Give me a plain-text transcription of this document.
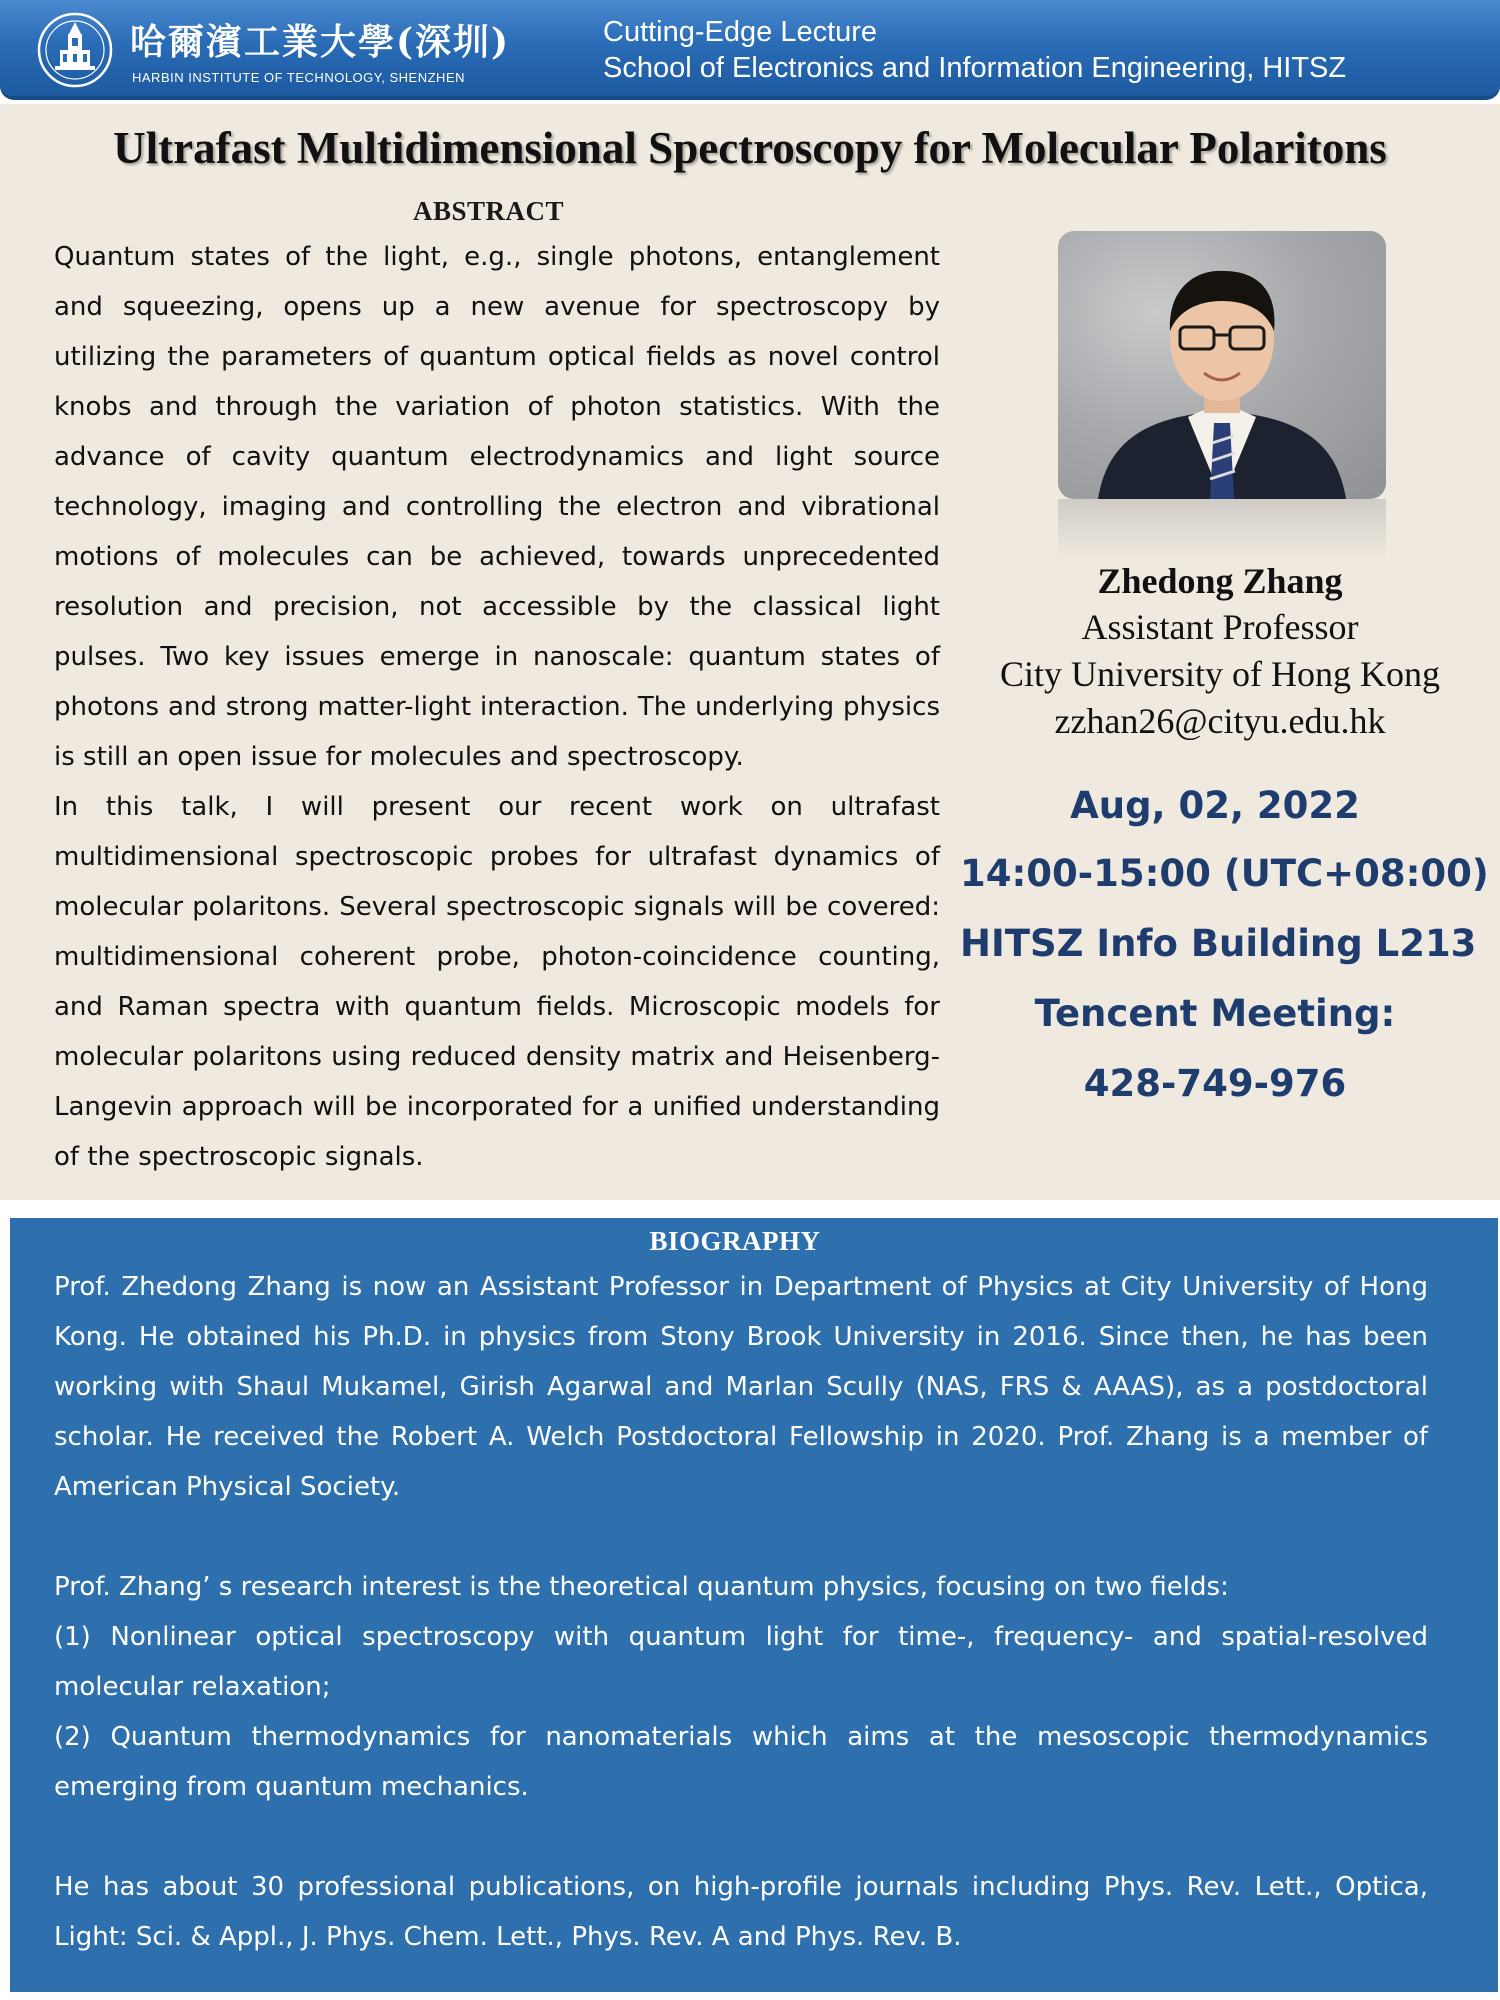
哈爾濱工業大學(深圳)
HARBIN INSTITUTE OF TECHNOLOGY, SHENZHEN
Cutting-Edge Lecture
School of Electronics and Information Engineering, HITSZ
Ultrafast Multidimensional Spectroscopy for Molecular Polaritons
ABSTRACT

Quantum states of the light, e.g., single photons, entanglement and squeezing, opens up a new avenue for spectroscopy by utilizing the parameters of quantum optical fields as novel control knobs and through the variation of photon statistics. With the advance of cavity quantum electrodynamics and light source technology, imaging and controlling the electron and vibrational motions of molecules can be achieved, towards unprecedented resolution and precision, not accessible by the classical light pulses. Two key issues emerge in nanoscale: quantum states of photons and strong matter-light interaction. The underlying physics is still an open issue for molecules and spectroscopy.

In this talk, I will present our recent work on ultrafast multidimensional spectroscopic probes for ultrafast dynamics of molecular polaritons. Several spectroscopic signals will be covered: multidimensional coherent probe, photon-coincidence counting, and Raman spectra with quantum fields. Microscopic models for molecular polaritons using reduced density matrix and Heisenberg-Langevin approach will be incorporated for a unified understanding of the spectroscopic signals.

Zhedong Zhang
Assistant Professor
City University of Hong Kong
zzhan26@cityu.edu.hk
Aug, 02, 2022
14:00-15:00 (UTC+08:00)
HITSZ Info Building L213
Tencent Meeting:
428-749-976
BIOGRAPHY

Prof. Zhedong Zhang is now an Assistant Professor in Department of Physics at City University of Hong Kong. He obtained his Ph.D. in physics from Stony Brook University in 2016. Since then, he has been working with Shaul Mukamel, Girish Agarwal and Marlan Scully (NAS, FRS & AAAS), as a postdoctoral scholar. He received the Robert A. Welch Postdoctoral Fellowship in 2020. Prof. Zhang is a member of American Physical Society.

Prof. Zhang’ s research interest is the theoretical quantum physics, focusing on two fields:

(1) Nonlinear optical spectroscopy with quantum light for time-, frequency- and spatial-resolved molecular relaxation;

(2) Quantum thermodynamics for nanomaterials which aims at the mesoscopic thermodynamics emerging from quantum mechanics.

He has about 30 professional publications, on high-profile journals including Phys. Rev. Lett., Optica, Light: Sci. & Appl., J. Phys. Chem. Lett., Phys. Rev. A and Phys. Rev. B.
